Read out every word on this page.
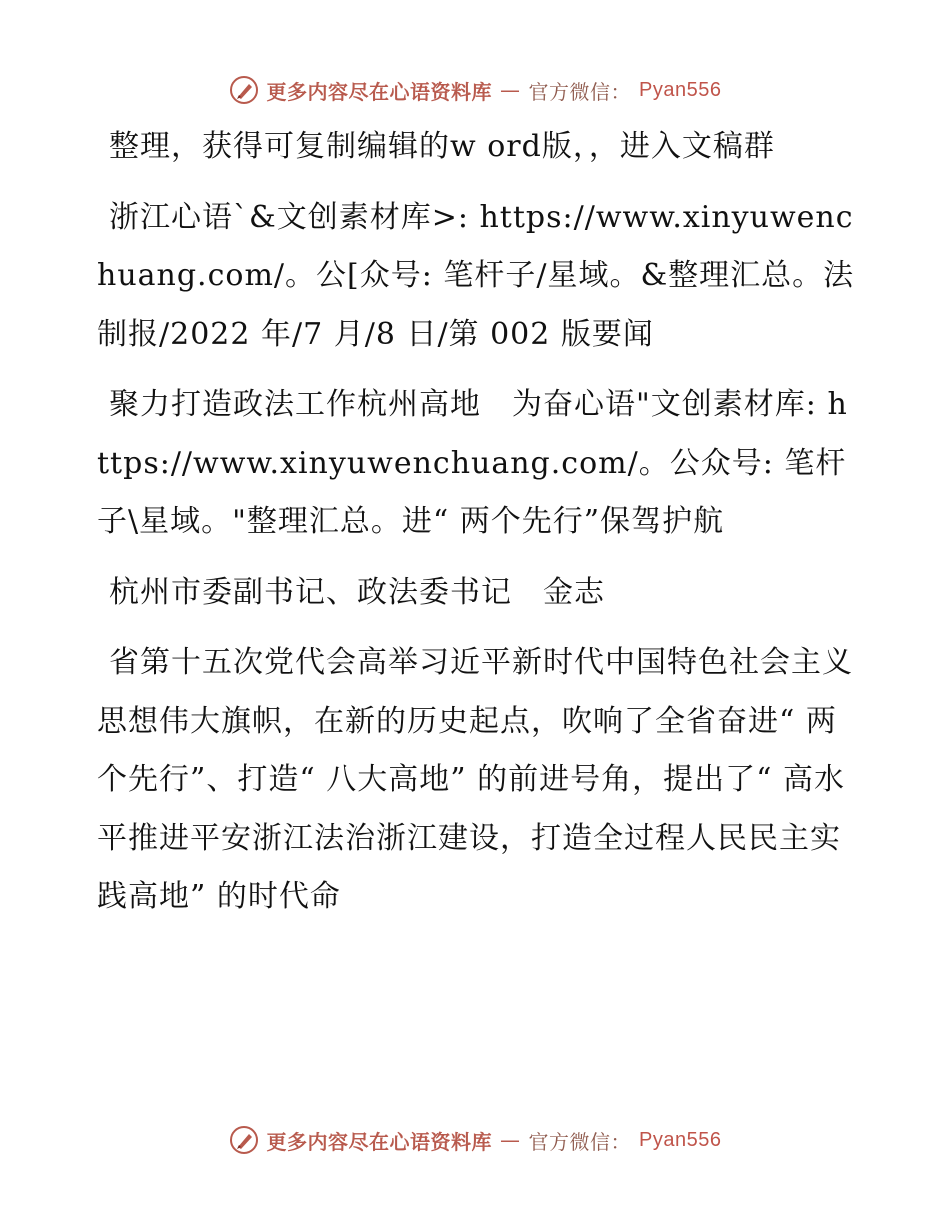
更多内容尽在心语资料库 — 官方微信： Pyan556

整理，获得可复制编辑的w ord版，，进入文稿群

浙江心语`&文创素材库>: https://www.xinyuwenchuang.com/。公[众号: 笔杆子/星域。&整理汇总。法制报/2022 年/7 月/8 日/第 002 版要闻

聚力打造政法工作杭州高地　为奋心语"文创素材库: https://www.xinyuwenchuang.com/。公众号: 笔杆子\星域。"整理汇总。进“ 两个先行”保驾护航

杭州市委副书记、政法委书记　金志

省第十五次党代会高举习近平新时代中国特色社会主义思想伟大旗帜，在新的历史起点，吹响了全省奋进“ 两个先行”、打造“ 八大高地” 的前进号角，提出了“ 高水平推进平安浙江法治浙江建设，打造全过程人民民主实践高地” 的时代命

更多内容尽在心语资料库 — 官方微信： Pyan556
